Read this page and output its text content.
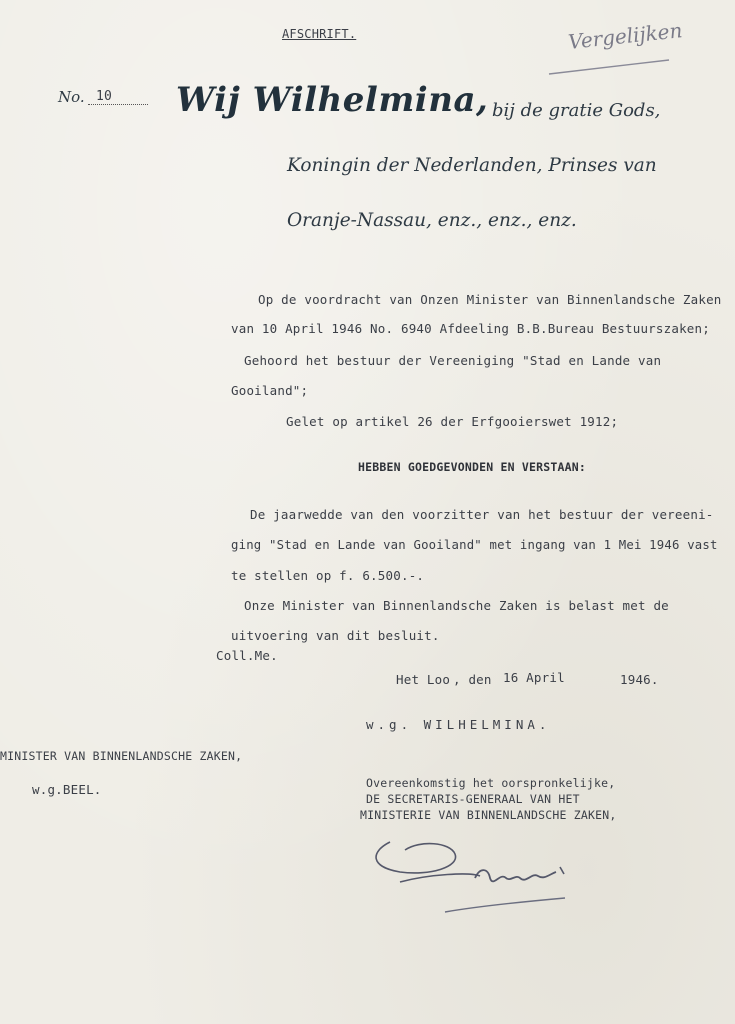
AFSCHRIFT.	Vergelijken
No. 10 Wij Wilhelmina, bij de gratie Gods,
Koningin der Nederlanden, Prinses van
Oranje-Nassau, enz., enz., enz.
Op de voordracht van Onzen Minister van Binnenlandsche Zaken
van 10 April 1946 No. 6940 Afdeeling B.B.Bureau Bestuurszaken;
Gehoord het bestuur der Vereeniging "Stad en Lande van
Gooiland";
Gelet op artikel 26 der Erfgooierswet 1912;
HEBBEN GOEDGEVONDEN EN VERSTAAN:
De jaarwedde van den voorzitter van het bestuur der vereeni-
ging "Stad en Lande van Gooiland" met ingang van 1 Mei 1946 vast
te stellen op f. 6.500.-.
Onze Minister van Binnenlandsche Zaken is belast met de
uitvoering van dit besluit.
Coll.Me.
Het Loo , den 16 April	1946.
w.g. WILHELMINA.
MINISTER VAN BINNENLANDSCHE ZAKEN,
w.g.BEEL.	Overeenkomstig het oorspronkelijke,
DE SECRETARIS-GENERAAL VAN HET
MINISTERIE VAN BINNENLANDSCHE ZAKEN,
